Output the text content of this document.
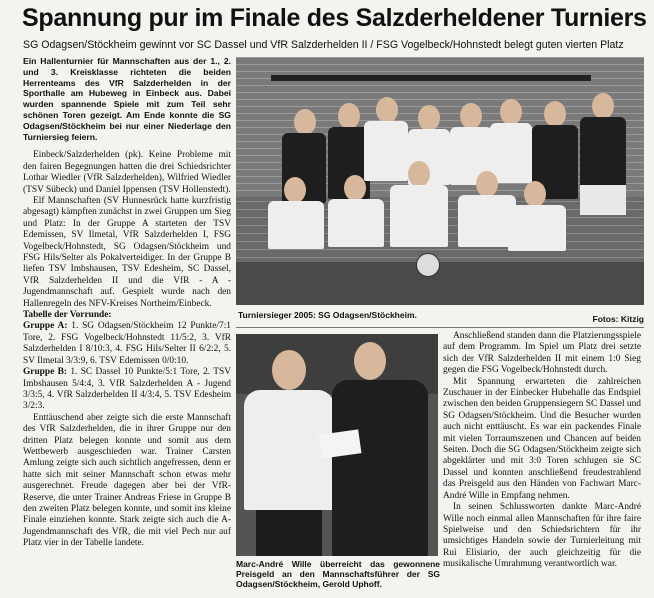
Spannung pur im Finale des Salzderheldener Turniers
SG Odagsen/Stöckheim gewinnt vor SC Dassel und VfR Salzderhelden II / FSG Vogelbeck/Hohnstedt belegt guten vierten Platz

Ein Hallenturnier für Mannschaften aus der 1., 2. und 3. Kreisklasse richteten die beiden Herrenteams des VfR Salzderhelden in der Sporthalle am Hubeweg in Einbeck aus. Dabei wurden spannende Spiele mit zum Teil sehr schönen Toren gezeigt. Am Ende konnte die SG Odagsen/Stöckheim bei nur einer Niederlage den Turniersieg feiern.

Einbeck/Salzderhelden (pk). Keine Probleme mit den fairen Begegnungen hatten die drei Schiedsrichter Lothar Wiedler (VfR Salzderhelden), Wilfried Wiedler (TSV Sübeck) und Daniel Ippensen (TSV Hollenstedt).

Elf Mannschaften (SV Hunnesrück hatte kurzfristig abgesagt) kämpften zunächst in zwei Gruppen um Sieg und Platz: In der Gruppe A starteten der TSV Edemissen, SV Ilmetal, VfR Salzderhelden I, FSG Vogelbeck/Hohnstedt, SG Odagsen/Stöckheim und FSG Hils/Selter als Pokalverteidiger. In der Gruppe B liefen TSV Imbshausen, TSV Edesheim, SC Dassel, VfR Salzderhelden II und die VfR - A - Jugendmannschaft auf. Gespielt wurde nach den Hallenregeln des NFV-Kreises Northeim/Einbeck.

Tabelle der Vorrunde:

Gruppe A: 1. SG Odagsen/Stöckheim 12 Punkte/7:1 Tore, 2. FSG Vogelbeck/Hohnstedt 11/5:2, 3. VfR Salzderhelden I 8/10:3, 4. FSG Hils/Selter II 6/2:2, 5. SV Ilmetal 3/3:9, 6. TSV Edemissen 0/0:10.

Gruppe B: 1. SC Dassel 10 Punkte/5:1 Tore, 2. TSV Imbshausen 5/4:4, 3. VfR Salzderhelden A - Jugend 3/3:5, 4. VfR Salzderhelden II 4/3:4, 5. TSV Edesheim 3/2:3.

Enttäuschend aber zeigte sich die erste Mannschaft des VfR Salzderhelden, die in ihrer Gruppe nur den dritten Platz belegen konnte und somit aus dem Wettbewerb ausgeschieden war. Trainer Carsten Amlung zeigte sich auch sichtlich angefressen, denn er hatte sich mit seiner Mannschaft schon etwas mehr ausgerechnet. Freude dagegen aber bei der VfR-Reserve, die unter Trainer Andreas Friese in Gruppe B den zweiten Platz belegen konnte, und somit ins kleine Finale einziehen konnte. Stark zeigte sich auch die A-Jugendmannschaft des VfR, die mit viel Pech nur auf Platz vier in der Tabelle landete.

Turniersieger 2005: SG Odagsen/Stöckheim.	Fotos: Kitzig
Marc-André Wille überreicht das gewonnene Preisgeld an den Mannschaftsführer der SG Odagsen/Stöckheim, Gerold Uphoff.

Anschließend standen dann die Platzierungsspiele auf dem Programm. Im Spiel um Platz drei setzte sich der VfR Salzderhelden II mit einem 1:0 Sieg gegen die FSG Vogelbeck/Hohnstedt durch.

Mit Spannung erwarteten die zahlreichen Zuschauer in der Einbecker Hubehalle das Endspiel zwischen den beiden Gruppensiegern SC Dassel und SG Odagsen/Stöckheim. Und die Besucher wurden auch nicht enttäuscht. Es war ein packendes Finale mit vielen Torraumszenen und Chancen auf beiden Seiten. Doch die SG Odagsen/Stöckheim zeigte sich abgeklärter und mit 3:0 Toren schlugen sie SC Dassel und konnten anschließend freudestrahlend das Preisgeld aus den Händen von Fachwart Marc-André Wille in Empfang nehmen.

In seinen Schlussworten dankte Marc-André Wille noch einmal allen Mannschaften für ihre faire Spielweise und den Schiedsrichtern für ihr umsichtiges Handeln sowie der Turnierleitung mit Rui Elisiario, der auch gleichzeitig für die musikalische Umrahmung verantwortlich war.
